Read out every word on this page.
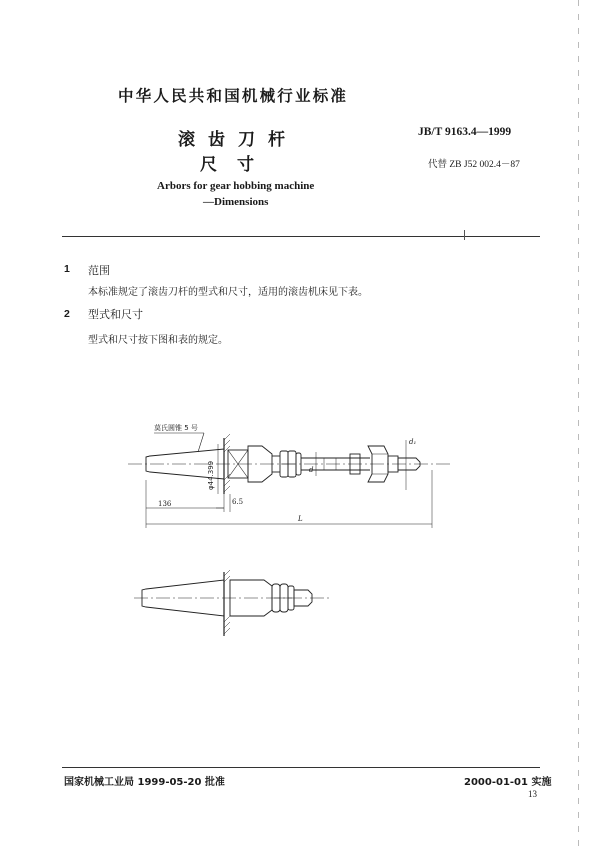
中华人民共和国机械行业标准
滚齿刀杆
尺寸
JB/T 9163.4—1999
代替 ZB J52 002.4－87
Arbors for gear hobbing machine
—Dimensions
1 范围
本标准规定了滚齿刀杆的型式和尺寸，适用的滚齿机床见下表。
2 型式和尺寸
型式和尺寸按下图和表的规定。
莫氏圆锥 5 号
d
d₁
φ44.399
6.5
136
L
国家机械工业局 1999-05-20 批准	2000-01-01 实施
13
